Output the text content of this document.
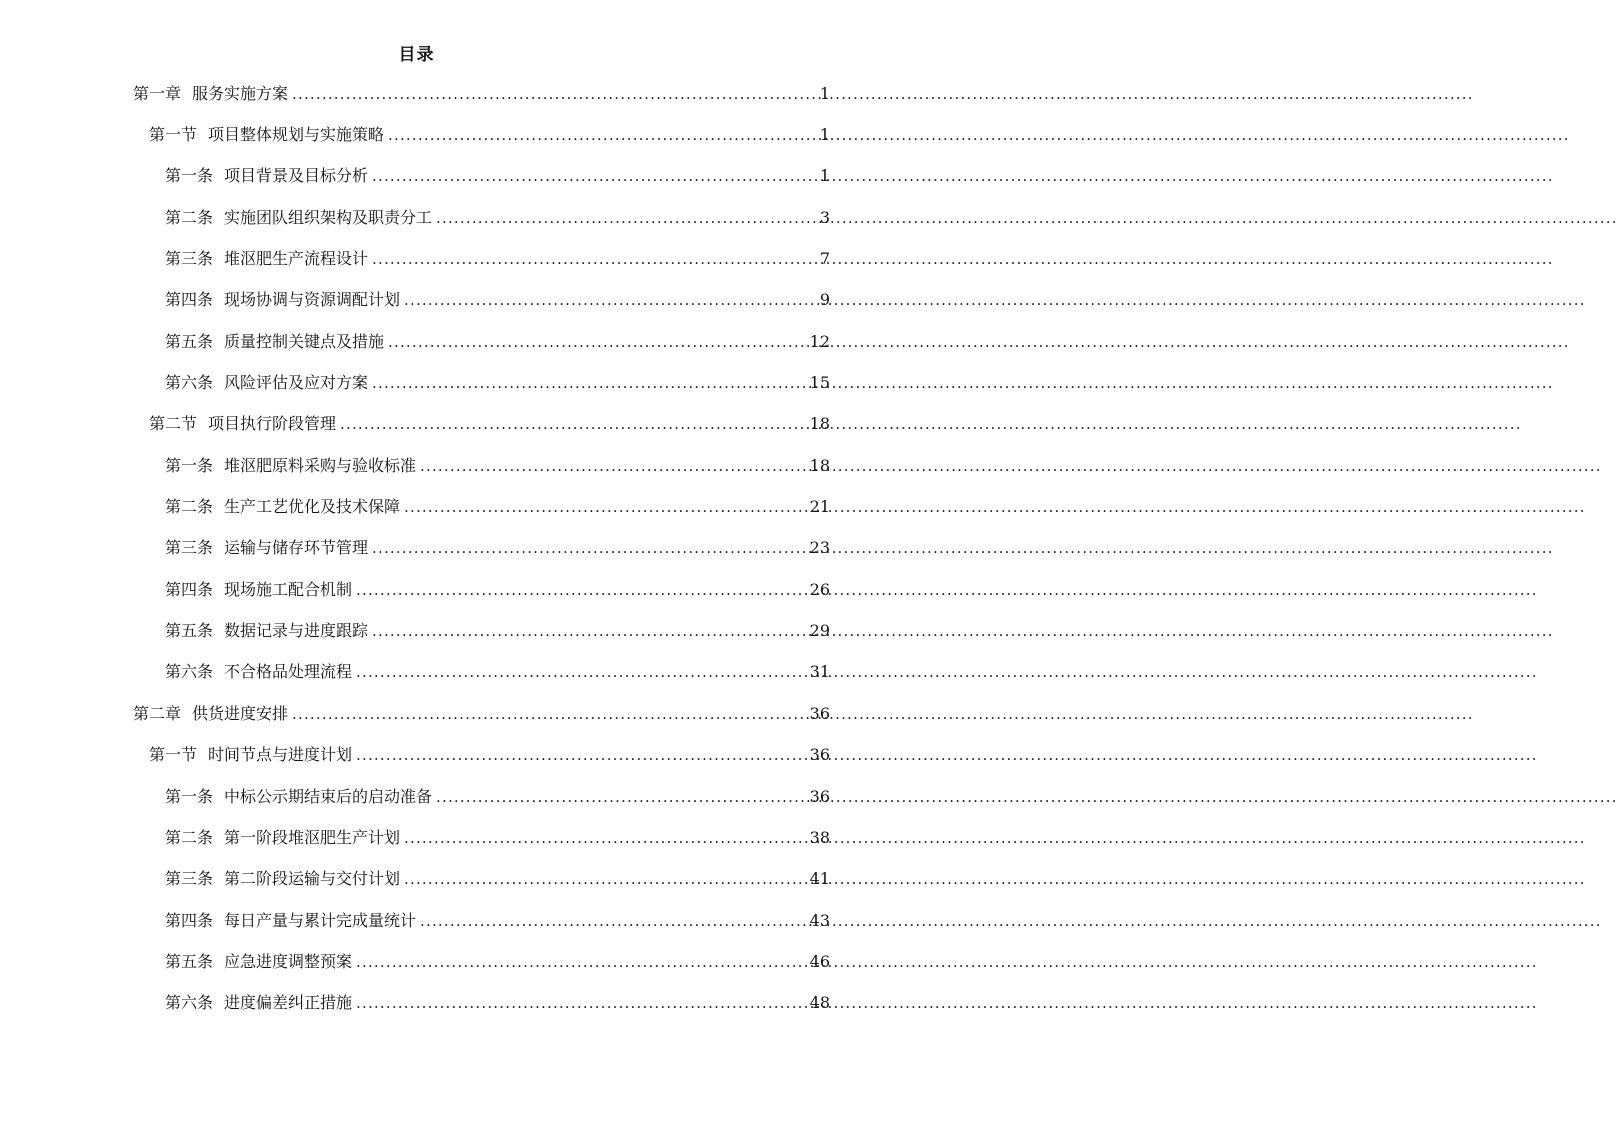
目录
第一章 服务实施方案 .....	1
第一节 项目整体规划与实施策略 .....	1
第一条 项目背景及目标分析 .....	1
第二条 实施团队组织架构及职责分工 .....	3
第三条 堆沤肥生产流程设计 .....	7
第四条 现场协调与资源调配计划 .....	9
第五条 质量控制关键点及措施 .....	12
第六条 风险评估及应对方案 .....	15
第二节 项目执行阶段管理 .....	18
第一条 堆沤肥原料采购与验收标准 .....	18
第二条 生产工艺优化及技术保障 .....	21
第三条 运输与储存环节管理 .....	23
第四条 现场施工配合机制 .....	26
第五条 数据记录与进度跟踪 .....	29
第六条 不合格品处理流程 .....	31
第二章 供货进度安排 .....	36
第一节 时间节点与进度计划 .....	36
第一条 中标公示期结束后的启动准备 .....	36
第二条 第一阶段堆沤肥生产计划 .....	38
第三条 第二阶段运输与交付计划 .....	41
第四条 每日产量与累计完成量统计 .....	43
第五条 应急进度调整预案 .....	46
第六条 进度偏差纠正措施 .....	48
